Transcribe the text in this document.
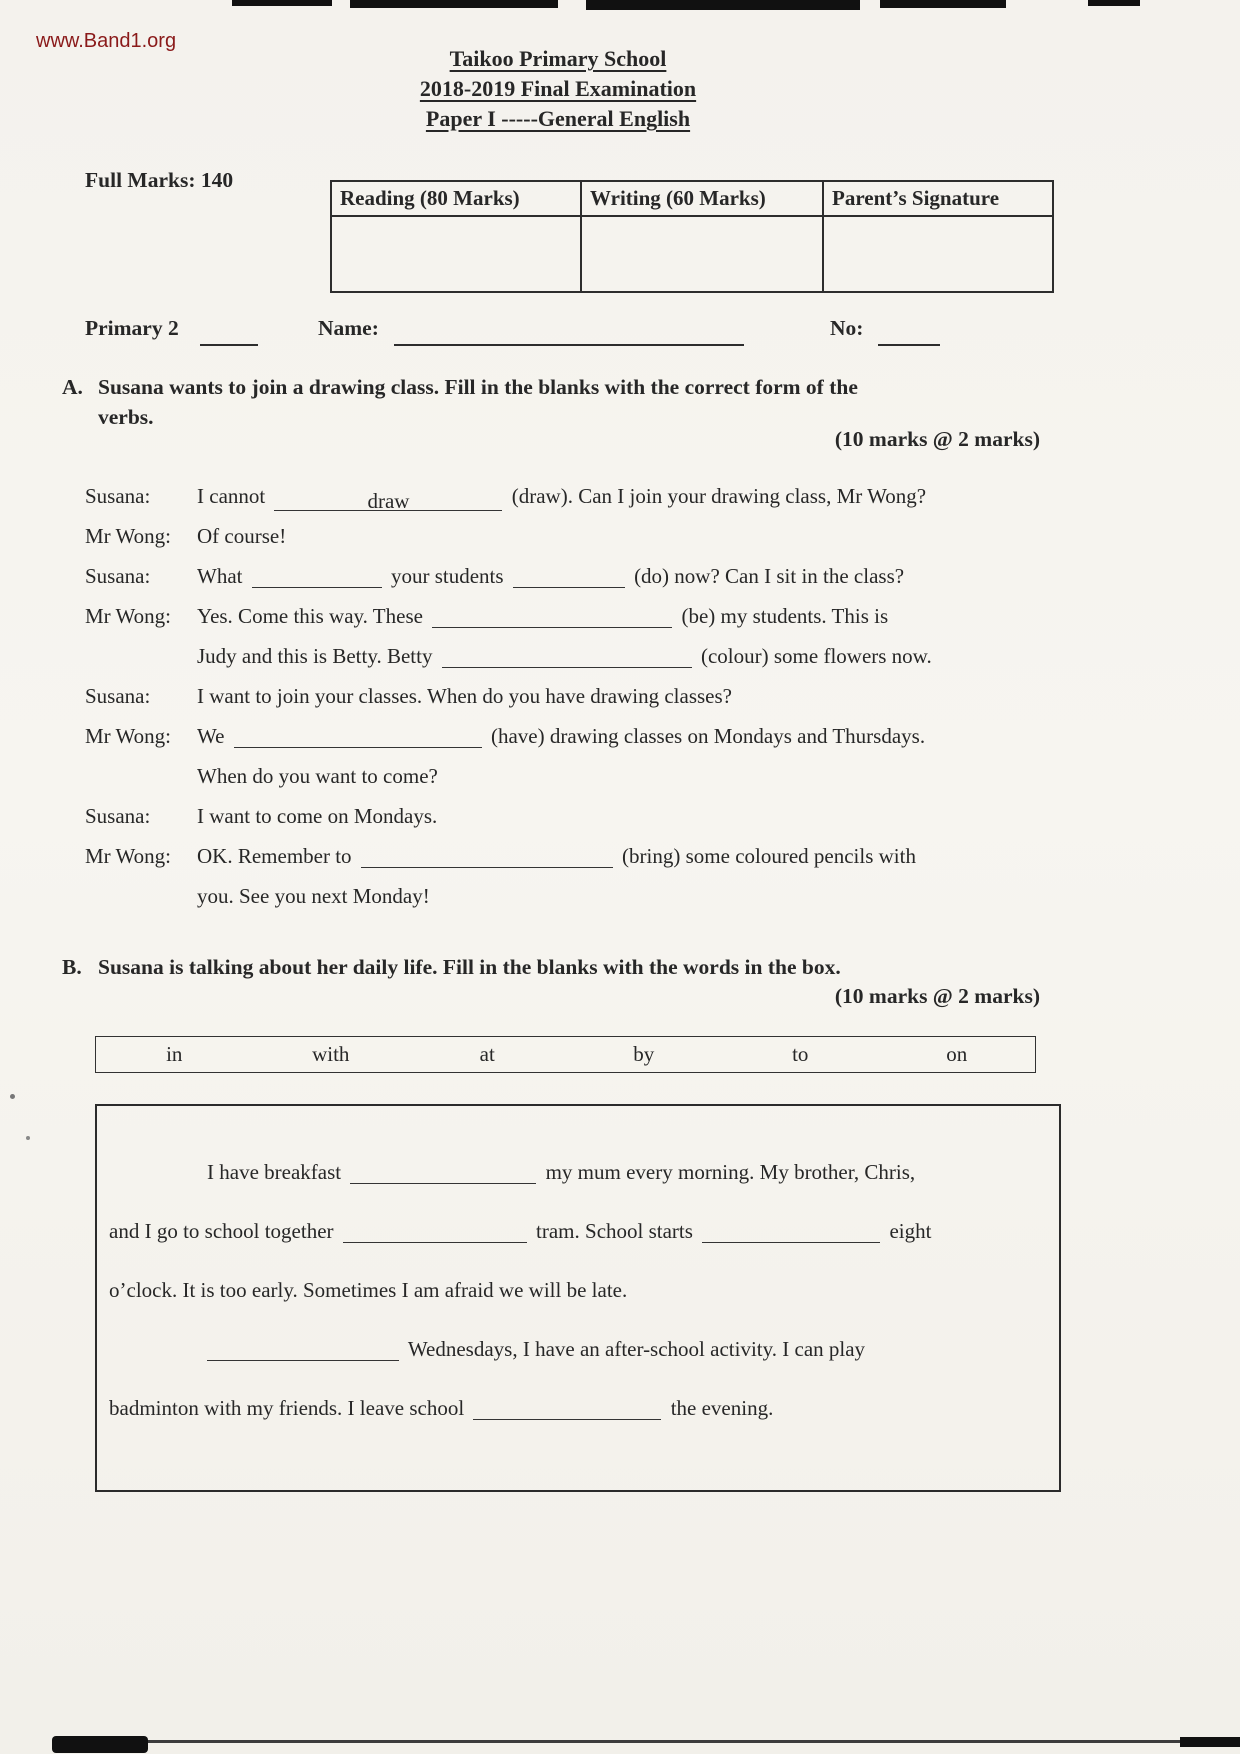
www.Band1.org
Taikoo Primary School
2018-2019 Final Examination
Paper I -----General English
Full Marks: 140
Reading (80 Marks)	Writing (60 Marks)	Parent’s Signature

Primary 2	Name:	No:
A. Susana wants to join a drawing class. Fill in the blanks with the correct form of the
verbs.
(10 marks @ 2 marks)
Susana:	I cannot	draw	(draw). Can I join your drawing class, Mr Wong?
Mr Wong:	Of course!
Susana:	What	your students	(do) now? Can I sit in the class?
Mr Wong:	Yes. Come this way. These	(be) my students. This is
Judy and this is Betty. Betty	(colour) some flowers now.
Susana:	I want to join your classes. When do you have drawing classes?
Mr Wong:	We	(have) drawing classes on Mondays and Thursdays.
When do you want to come?
Susana:	I want to come on Mondays.
Mr Wong:	OK. Remember to	(bring) some coloured pencils with
you. See you next Monday!
B. Susana is talking about her daily life. Fill in the blanks with the words in the box.
(10 marks @ 2 marks)
in	with	at	by	to	on
I have breakfast	my mum every morning. My brother, Chris,
and I go to school together	tram. School starts	eight
o’clock. It is too early. Sometimes I am afraid we will be late.
Wednesdays, I have an after-school activity. I can play
badminton with my friends. I leave school	the evening.
